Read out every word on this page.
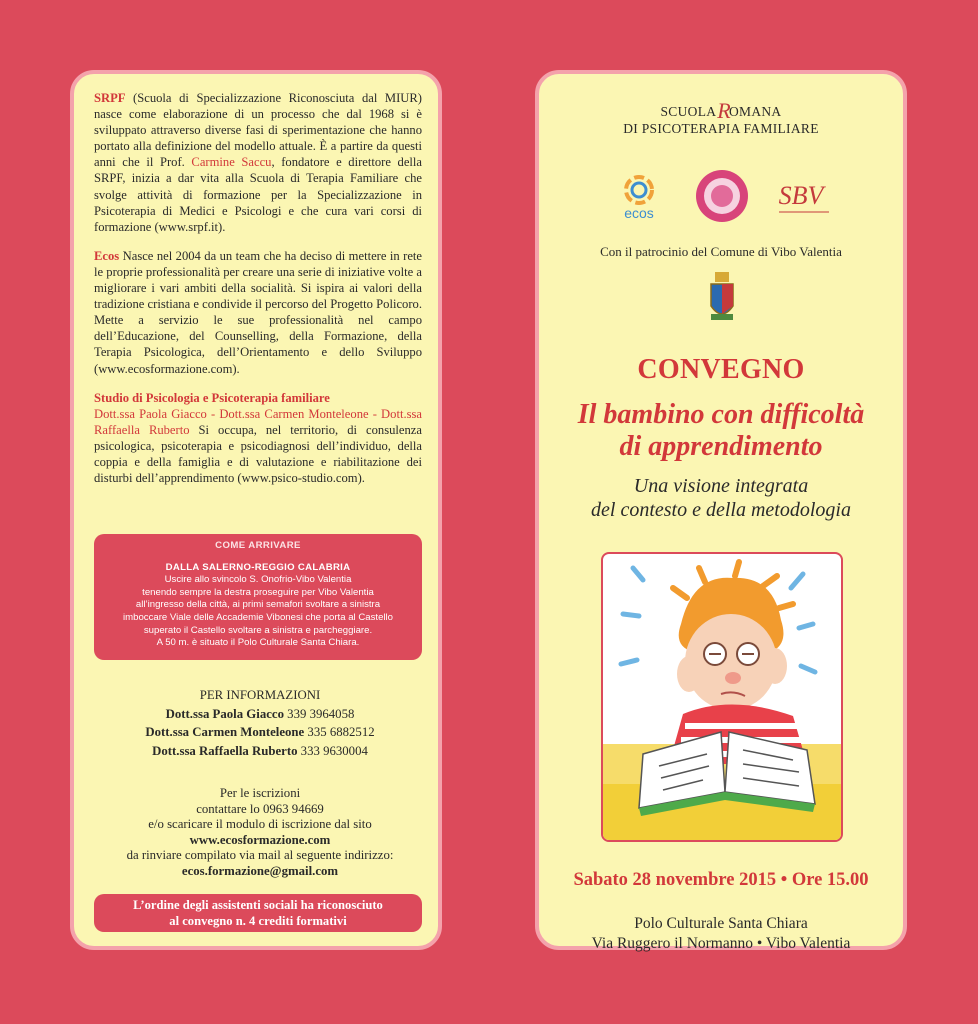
SRPF (Scuola di Specializzazione Riconosciuta dal MIUR) nasce come elaborazione di un processo che dal 1968 si è sviluppato attraverso diverse fasi di sperimentazione che hanno portato alla definizione del modello attuale. È a partire da questi anni che il Prof. Carmine Saccu, fondatore e direttore della SRPF, inizia a dar vita alla Scuola di Terapia Familiare che svolge attività di formazione per la Specializzazione in Psicoterapia di Medici e Psicologi e che cura vari corsi di formazione (www.srpf.it).

Ecos Nasce nel 2004 da un team che ha deciso di mettere in rete le proprie professionalità per creare una serie di iniziative volte a migliorare i vari ambiti della socialità. Si ispira ai valori della tradizione cristiana e condivide il percorso del Progetto Policoro. Mette a servizio le sue professionalità nel campo dell’Educazione, del Counselling, della Formazione, della Terapia Psicologica, dell’Orientamento e dello Sviluppo (www.ecosformazione.com).

Studio di Psicologia e Psicoterapia familiare
Dott.ssa Paola Giacco - Dott.ssa Carmen Monteleone - Dott.ssa Raffaella Ruberto Si occupa, nel territorio, di consulenza psicologica, psicoterapia e psicodiagnosi dell’individuo, della coppia e della famiglia e di valutazione e riabilitazione dei disturbi dell’apprendimento (www.psico-studio.com).

COME ARRIVARE
DALLA SALERNO-REGGIO CALABRIA
Uscire allo svincolo S. Onofrio-Vibo Valentia
tenendo sempre la destra proseguire per Vibo Valentia
all’ingresso della città, ai primi semafori svoltare a sinistra
imboccare Viale delle Accademie Vibonesi che porta al Castello
superato il Castello svoltare a sinistra e parcheggiare.
A 50 m. è situato il Polo Culturale Santa Chiara.
PER INFORMAZIONI
Dott.ssa Paola Giacco 339 3964058
Dott.ssa Carmen Monteleone 335 6882512
Dott.ssa Raffaella Ruberto 333 9630004
Per le iscrizioni
contattare lo 0963 94669
e/o scaricare il modulo di iscrizione dal sito
www.ecosformazione.com
da rinviare compilato via mail al seguente indirizzo:
ecos.formazione@gmail.com
L’ordine degli assistenti sociali ha riconosciuto
al convegno n. 4 crediti formativi
SCUOLA ROMANA
DI PSICOTERAPIA FAMILIARE
ecos
SBV
Con il patrocinio del Comune di Vibo Valentia
CONVEGNO
Il bambino con difficoltà
di apprendimento
Una visione integrata
del contesto e della metodologia
Sabato 28 novembre 2015 • Ore 15.00
Polo Culturale Santa Chiara
Via Ruggero il Normanno • Vibo Valentia
